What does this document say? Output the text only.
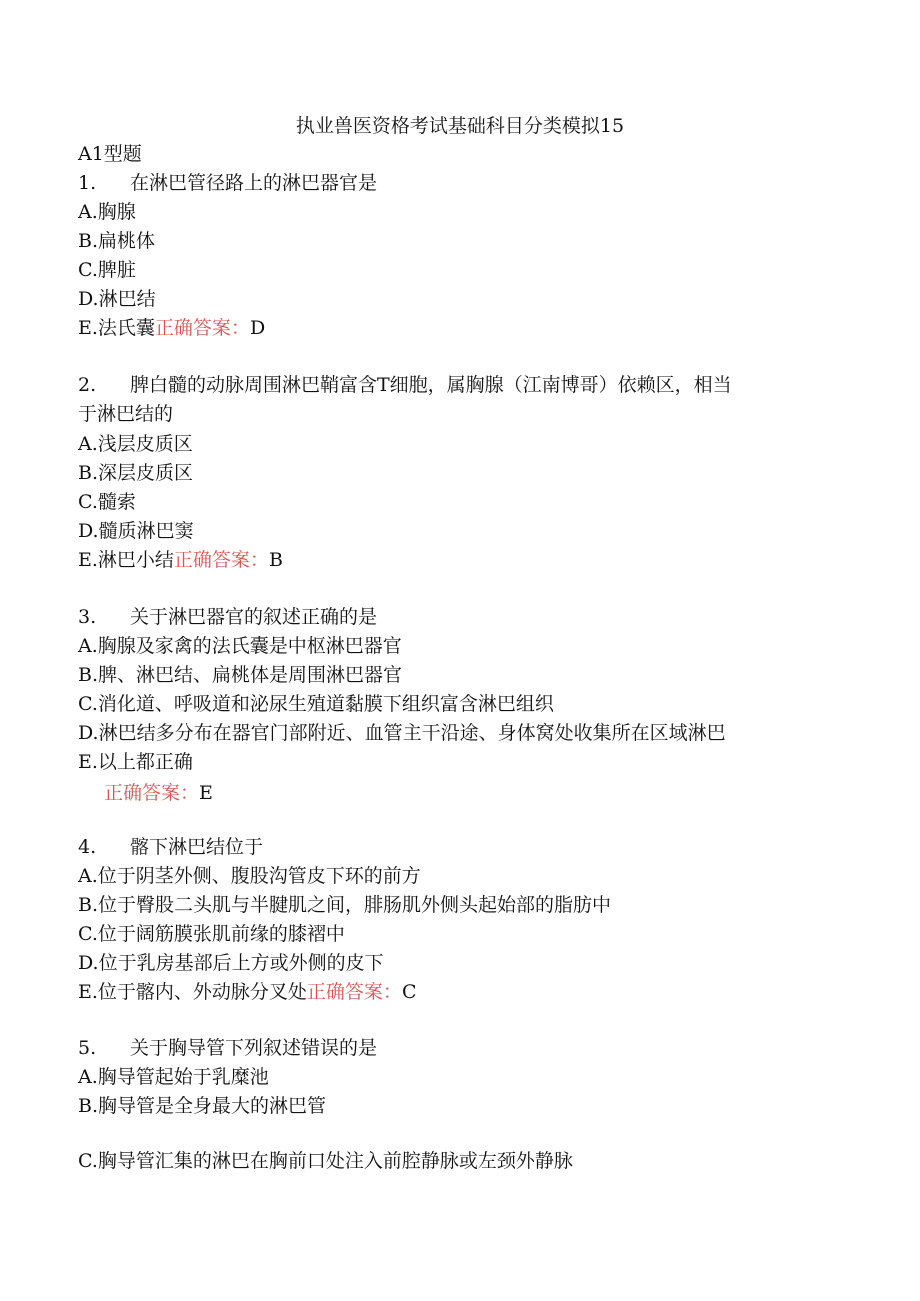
执业兽医资格考试基础科目分类模拟15
A1型题
1. 在淋巴管径路上的淋巴器官是
A.胸腺
B.扁桃体
C.脾脏
D.淋巴结
E.法氏囊正确答案：D
2. 脾白髓的动脉周围淋巴鞘富含T细胞，属胸腺（江南博哥）依赖区，相当
于淋巴结的
A.浅层皮质区
B.深层皮质区
C.髓索
D.髓质淋巴窦
E.淋巴小结正确答案：B
3. 关于淋巴器官的叙述正确的是
A.胸腺及家禽的法氏囊是中枢淋巴器官
B.脾、淋巴结、扁桃体是周围淋巴器官
C.消化道、呼吸道和泌尿生殖道黏膜下组织富含淋巴组织
D.淋巴结多分布在器官门部附近、血管主干沿途、身体窝处收集所在区域淋巴
E.以上都正确
正确答案：E
4. 髂下淋巴结位于
A.位于阴茎外侧、腹股沟管皮下环的前方
B.位于臀股二头肌与半腱肌之间，腓肠肌外侧头起始部的脂肪中
C.位于阔筋膜张肌前缘的膝褶中
D.位于乳房基部后上方或外侧的皮下
E.位于髂内、外动脉分叉处正确答案：C
5. 关于胸导管下列叙述错误的是
A.胸导管起始于乳糜池
B.胸导管是全身最大的淋巴管
C.胸导管汇集的淋巴在胸前口处注入前腔静脉或左颈外静脉
